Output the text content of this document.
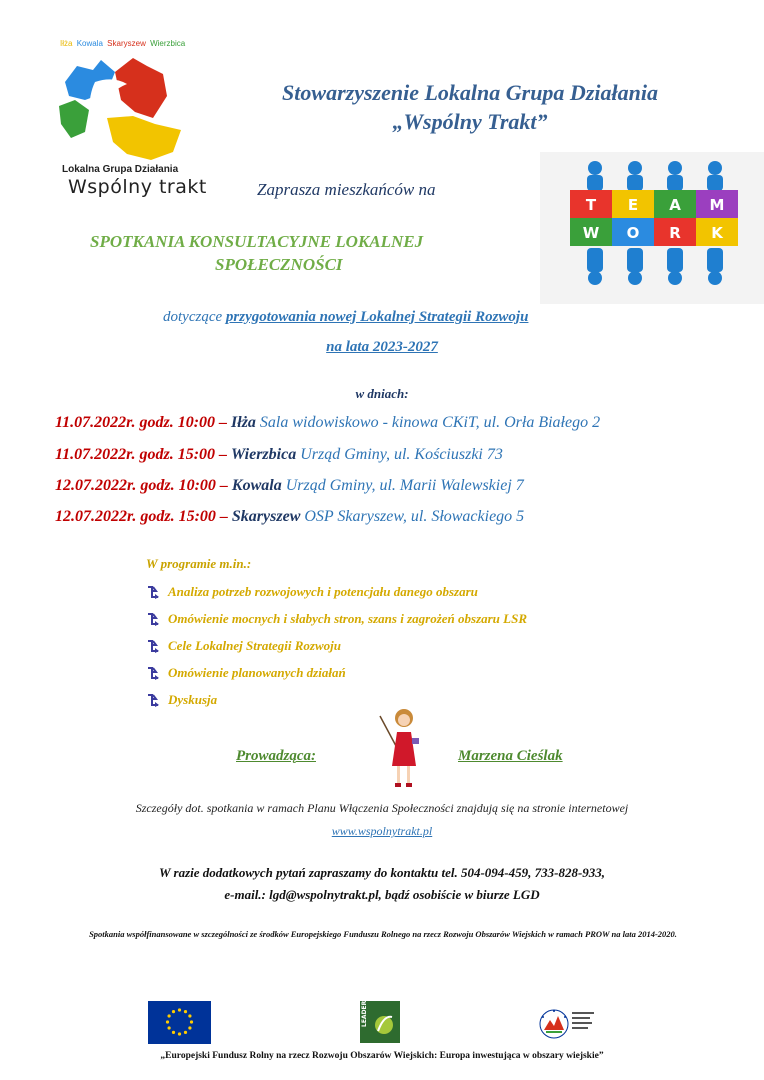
Iłża Kowala Skaryszew Wierzbica
Lokalna Grupa Działania
Wspólny trakt
Stowarzyszenie Lokalna Grupa Działania
„Wspólny Trakt”
Zaprasza mieszkańców na
SPOTKANIA KONSULTACYJNE LOKALNEJ
SPOŁECZNOŚCI
T E A M
W O R K
dotyczące przygotowania nowej Lokalnej Strategii Rozwoju
na lata 2023-2027
w dniach:
11.07.2022r. godz. 10:00 – Iłża Sala widowiskowo - kinowa CKiT, ul. Orła Białego 2
11.07.2022r. godz. 15:00 – Wierzbica Urząd Gminy, ul. Kościuszki 73
12.07.2022r. godz. 10:00 – Kowala Urząd Gminy, ul. Marii Walewskiej 7
12.07.2022r. godz. 15:00 – Skaryszew OSP Skaryszew, ul. Słowackiego 5
W programie m.in.:
Analiza potrzeb rozwojowych i potencjału danego obszaru
Omówienie mocnych i słabych stron, szans i zagrożeń obszaru LSR
Cele Lokalnej Strategii Rozwoju
Omówienie planowanych działań
Dyskusja
Prowadząca:	Marzena Cieślak
Szczegóły dot. spotkania w ramach Planu Włączenia Społeczności znajdują się na stronie internetowej
www.wspolnytrakt.pl
W razie dodatkowych pytań zapraszamy do kontaktu tel. 504-094-459, 733-828-933,
e-mail.: lgd@wspolnytrakt.pl, bądź osobiście w biurze LGD
Spotkania współfinansowane w szczególności ze środków Europejskiego Funduszu Rolnego na rzecz Rozwoju Obszarów Wiejskich w ramach PROW na lata 2014-2020.
LEADER
„Europejski Fundusz Rolny na rzecz Rozwoju Obszarów Wiejskich: Europa inwestująca w obszary wiejskie”
